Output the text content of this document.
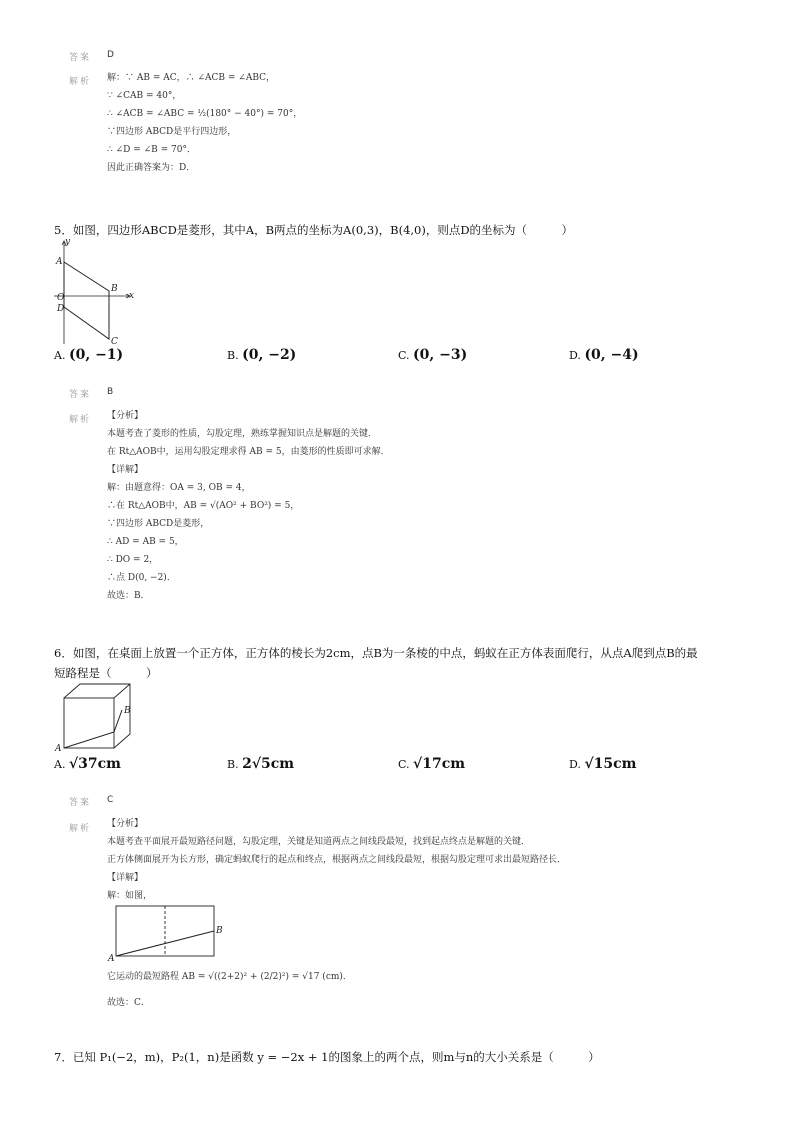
答案 D
解析 解：∵ AB = AC，∴ ∠ACB = ∠ABC，
∵ ∠CAB = 40°，
∴ ∠ACB = ∠ABC = ½(180° − 40°) = 70°，
∵四边形 ABCD是平行四边形，
∴ ∠D = ∠B = 70°．
因此正确答案为：D．
5．如图，四边形ABCD是菱形，其中A，B两点的坐标为A(0,3)，B(4,0)，则点D的坐标为（　　　）
y
x
A
B
O
D
C
A. (0, −1)	B. (0, −2)	C. (0, −3)	D. (0, −4)
答案 B
解析 【分析】
本题考查了菱形的性质，勾股定理，熟练掌握知识点是解题的关键．
在 Rt△AOB中，运用勾股定理求得 AB = 5，由菱形的性质即可求解．
【详解】
解：由题意得：OA = 3, OB = 4，
∴在 Rt△AOB中，AB = √(AO² + BO²) = 5，
∵四边形 ABCD是菱形，
∴ AD = AB = 5，
∴ DO = 2，
∴点 D(0, −2)．
故选：B．
6．如图，在桌面上放置一个正方体，正方体的棱长为2cm，点B为一条棱的中点，蚂蚁在正方体表面爬行，从点A爬到点B的最
短路程是（　　　）
A
B
A. √37cm	B. 2√5cm	C. √17cm	D. √15cm
答案 C
解析 【分析】
本题考查平面展开最短路径问题，勾股定理，关键是知道两点之间线段最短，找到起点终点是解题的关键．
正方体侧面展开为长方形，确定蚂蚁爬行的起点和终点，根据两点之间线段最短，根据勾股定理可求出最短路径长．
【详解】
解：如图，
A
B
它运动的最短路程 AB = √((2+2)² + (2/2)²) = √17 (cm)．
故选：C．
7．已知 P₁(−2，m)，P₂(1，n)是函数 y = −2x + 1的图象上的两个点，则m与n的大小关系是（　　　）
